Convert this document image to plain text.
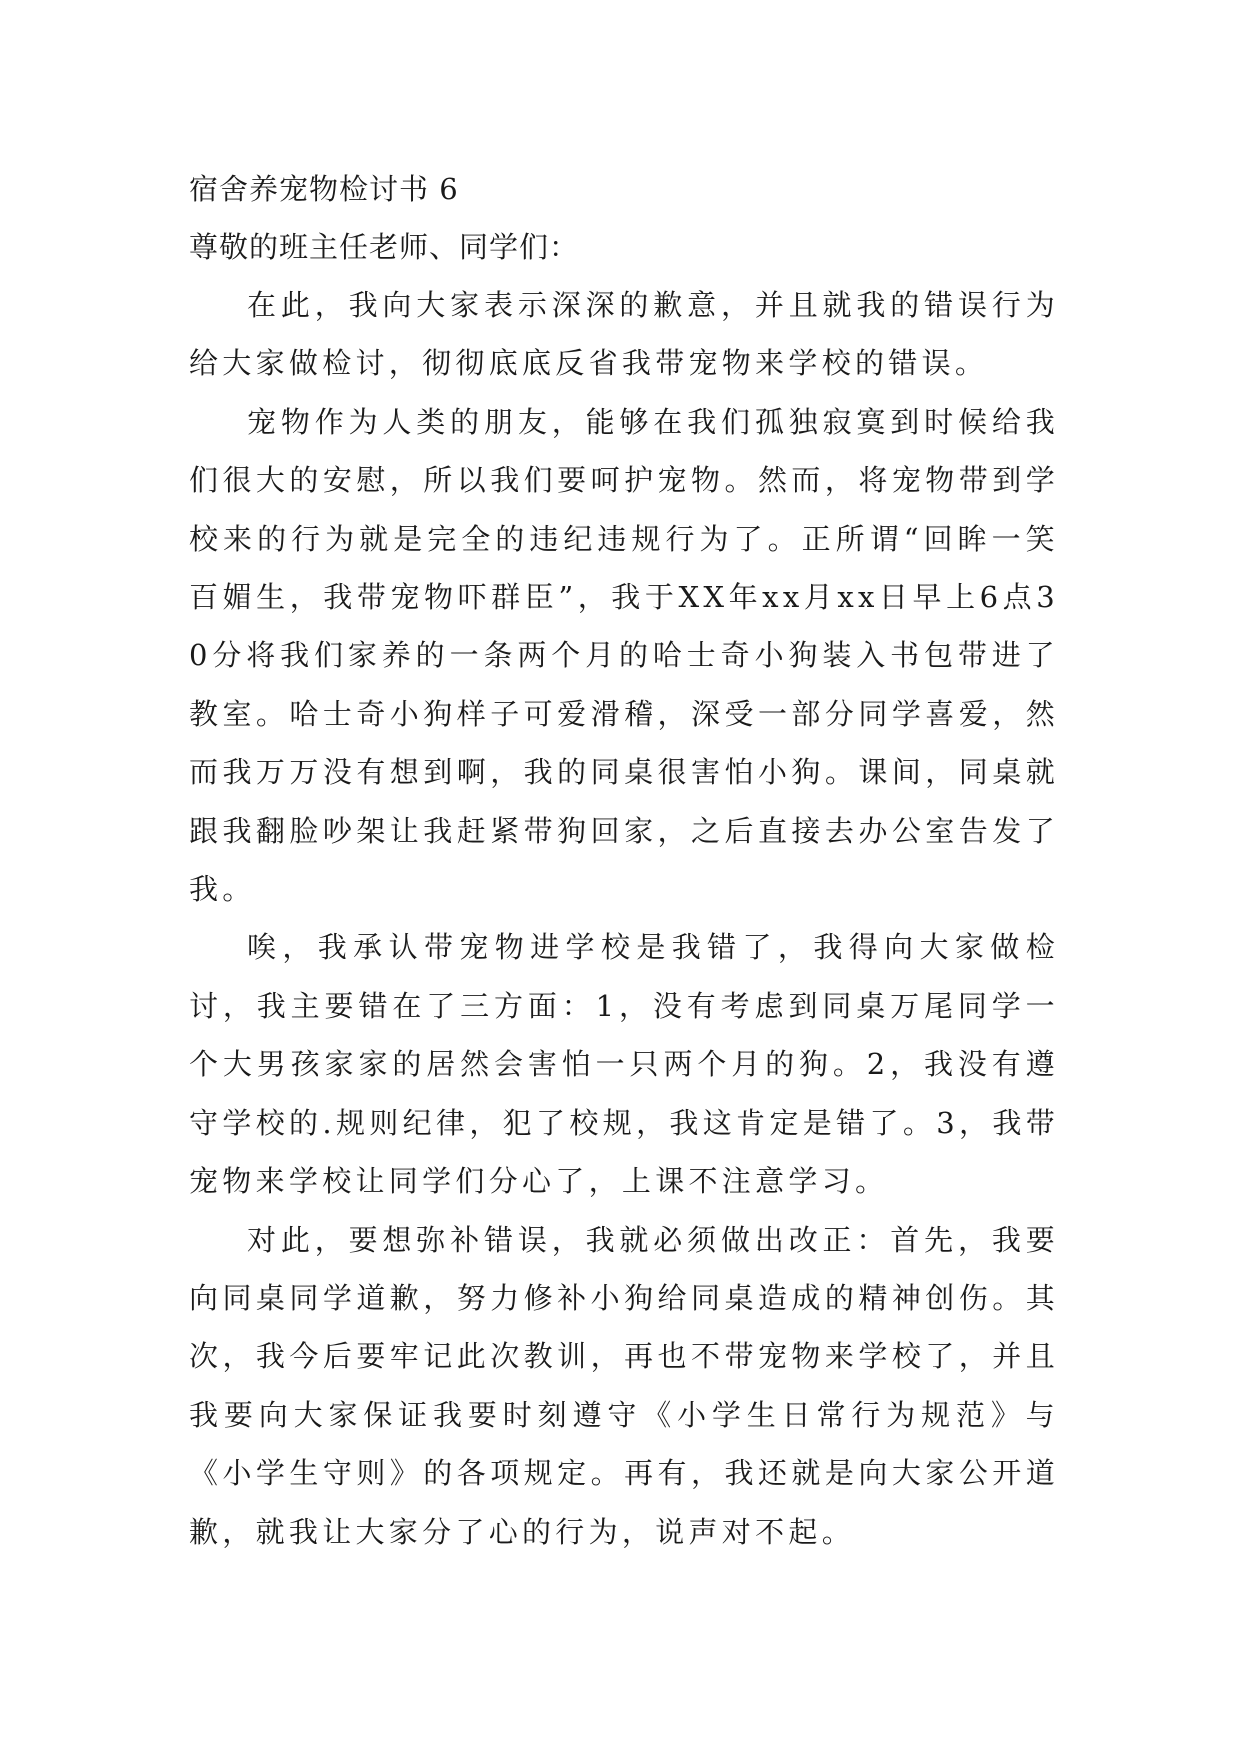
宿舍养宠物检讨书 6

尊敬的班主任老师、同学们：

在此，我向大家表示深深的歉意，并且就我的错误行为给大家做检讨，彻彻底底反省我带宠物来学校的错误。

宠物作为人类的朋友，能够在我们孤独寂寞到时候给我们很大的安慰，所以我们要呵护宠物。然而，将宠物带到学校来的行为就是完全的违纪违规行为了。正所谓“回眸一笑百媚生，我带宠物吓群臣”，我于XX年xx月xx日早上6点30分将我们家养的一条两个月的哈士奇小狗装入书包带进了教室。哈士奇小狗样子可爱滑稽，深受一部分同学喜爱，然而我万万没有想到啊，我的同桌很害怕小狗。课间，同桌就跟我翻脸吵架让我赶紧带狗回家，之后直接去办公室告发了我。

唉，我承认带宠物进学校是我错了，我得向大家做检讨，我主要错在了三方面：1，没有考虑到同桌万尾同学一个大男孩家家的居然会害怕一只两个月的狗。2，我没有遵守学校的.规则纪律，犯了校规，我这肯定是错了。3，我带宠物来学校让同学们分心了，上课不注意学习。

对此，要想弥补错误，我就必须做出改正：首先，我要向同桌同学道歉，努力修补小狗给同桌造成的精神创伤。其次，我今后要牢记此次教训，再也不带宠物来学校了，并且我要向大家保证我要时刻遵守《小学生日常行为规范》与《小学生守则》的各项规定。再有，我还就是向大家公开道歉，就我让大家分了心的行为，说声对不起。
